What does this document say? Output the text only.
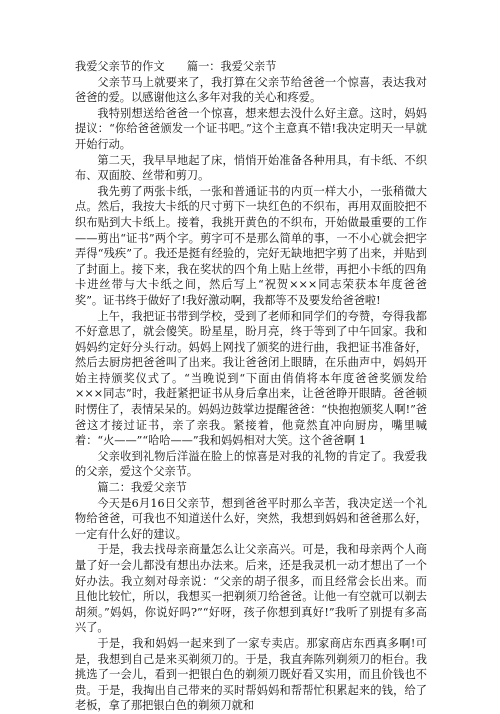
我爱父亲节的作文　　篇一：我爱父亲节

父亲节马上就要来了，我打算在父亲节给爸爸一个惊喜，表达我对爸爸的爱。以感谢他这么多年对我的关心和疼爱。

我特别想送给爸爸一个惊喜，想来想去没什么好主意。这时，妈妈提议：“你给爸爸颁发一个证书吧。”这个主意真不错!我决定明天一早就开始行动。

第二天，我早早地起了床，悄悄开始准备各种用具，有卡纸、不织布、双面胶、丝带和剪刀。

我先剪了两张卡纸，一张和普通证书的内页一样大小，一张稍微大点。然后，我按大卡纸的尺寸剪下一块红色的不织布，再用双面胶把不织布贴到大卡纸上。接着，我挑开黄色的不织布，开始做最重要的工作——剪出“证书”两个字。剪字可不是那么简单的事，一不小心就会把字弄得“残疾”了。我还是挺有经验的，完好无缺地把字剪了出来，并贴到了封面上。接下来，我在奖状的四个角上贴上丝带，再把小卡纸的四角卡进丝带与大卡纸之间，然后写上“祝贺×××同志荣获本年度爸爸奖”。证书终于做好了!我好激动啊，我都等不及要发给爸爸啦!

上午，我把证书带到学校，受到了老师和同学们的夸赞，夸得我都不好意思了，就会傻笑。盼星星，盼月亮，终于等到了中午回家。我和妈妈约定好分头行动。妈妈上网找了颁奖的进行曲，我把证书准备好，然后去厨房把爸爸叫了出来。我让爸爸闭上眼睛，在乐曲声中，妈妈开始主持颁奖仪式了。“当晚说到“下面由俏俏将本年度爸爸奖颁发给×××同志”时，我赶紧把证书从身后拿出来，让爸爸睁开眼睛。爸爸顿时愣住了，表情呆呆的。妈妈边鼓掌边提醒爸爸：“快抱抱颁奖人啊!”爸爸这才接过证书，亲了亲我。紧接着，他竟然直冲向厨房，嘴里喊着：“火——”“哈哈——”我和妈妈相对大笑。这个爸爸啊 1

父亲收到礼物后洋溢在脸上的惊喜是对我的礼物的肯定了。我爱我的父亲，爱这个父亲节。

篇二：我爱父亲节

今天是6月16日父亲节，想到爸爸平时那么辛苦，我决定送一个礼物给爸爸，可我也不知道送什么好，突然，我想到妈妈和爸爸那么好，一定有什么好的建议。

于是，我去找母亲商量怎么让父亲高兴。可是，我和母亲两个人商量了好一会儿都没有想出办法来。后来，还是我灵机一动才想出了一个好办法。我立刻对母亲说：“父亲的胡子很多，而且经常会长出来。而且他比较忙，所以，我想买一把剃须刀给爸爸。让他一有空就可以剃去胡须。”妈妈，你说好吗?”“好呀，孩子你想到真好!”我听了别提有多高兴了。

于是，我和妈妈一起来到了一家专卖店。那家商店东西真多啊!可是，我想到自己是来买剃须刀的。于是，我直奔陈列剃须刀的柜台。我挑选了一会儿，看到一把银白色的剃须刀既好看又实用，而且价钱也不贵。于是，我掏出自己带来的买时帮妈妈和帮帮忙积累起来的钱，给了老板，拿了那把银白色的剃须刀就和
